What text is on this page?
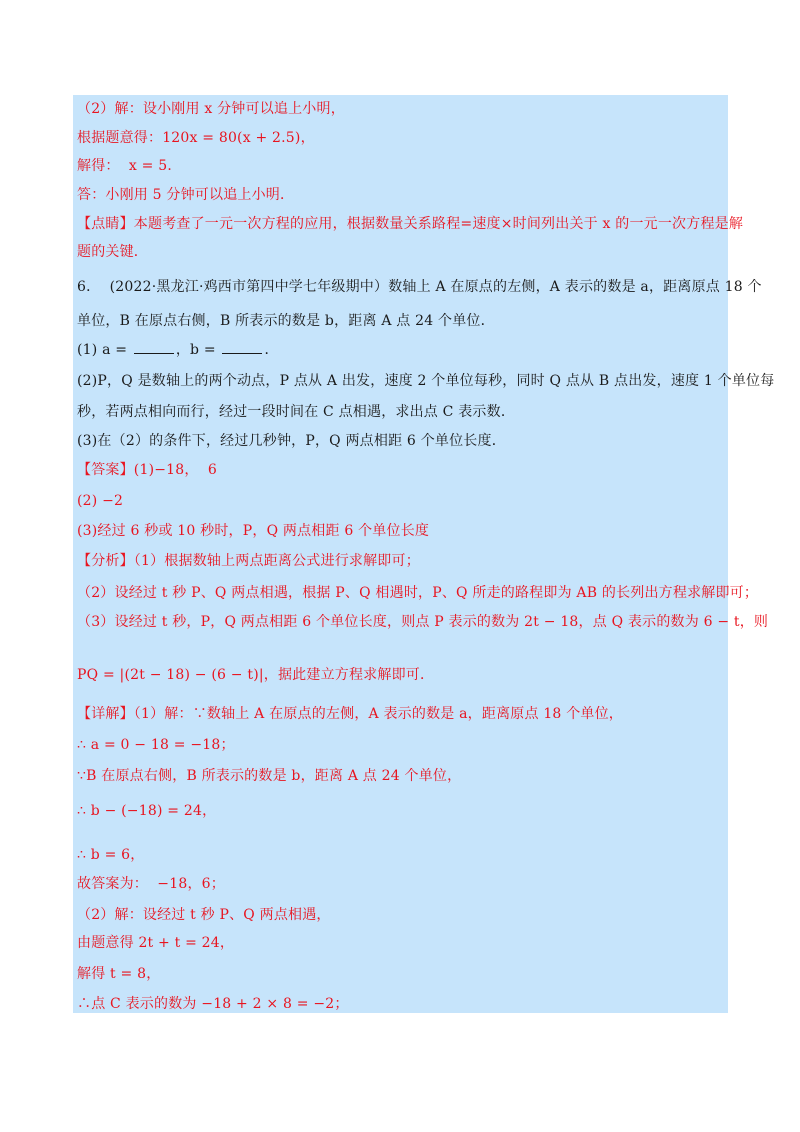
（2）解：设小刚用 x 分钟可以追上小明，
根据题意得：120x = 80(x + 2.5)，
解得：  x = 5．
答：小刚用 5 分钟可以追上小明．
【点睛】本题考查了一元一次方程的应用，根据数量关系路程=速度×时间列出关于 x 的一元一次方程是解
题的关键．
6．  (2022·黑龙江·鸡西市第四中学七年级期中）数轴上 A 在原点的左侧，A 表示的数是 a，距离原点 18 个
单位，B 在原点右侧，B 所表示的数是 b，距离 A 点 24 个单位．
(1) a =	，b =	．
(2)P，Q 是数轴上的两个动点，P 点从 A 出发，速度 2 个单位每秒，同时 Q 点从 B 点出发，速度 1 个单位每
秒，若两点相向而行，经过一段时间在 C 点相遇，求出点 C 表示数．
(3)在（2）的条件下，经过几秒钟，P，Q 两点相距 6 个单位长度．
【答案】(1)−18，  6
(2) −2
(3)经过 6 秒或 10 秒时，P，Q 两点相距 6 个单位长度
【分析】（1）根据数轴上两点距离公式进行求解即可；
（2）设经过 t 秒 P、Q 两点相遇，根据 P、Q 相遇时，P、Q 所走的路程即为 AB 的长列出方程求解即可；
（3）设经过 t 秒，P，Q 两点相距 6 个单位长度，则点 P 表示的数为 2t − 18，点 Q 表示的数为 6 − t，则
PQ = |(2t − 18) − (6 − t)|，据此建立方程求解即可．
【详解】（1）解：∵数轴上 A 在原点的左侧，A 表示的数是 a，距离原点 18 个单位，
∴ a = 0 − 18 = −18；
∵B 在原点右侧，B 所表示的数是 b，距离 A 点 24 个单位，
∴ b − (−18) = 24，
∴ b = 6，
故答案为：  −18，6；
（2）解：设经过 t 秒 P、Q 两点相遇，
由题意得 2t + t = 24，
解得 t = 8，
∴点 C 表示的数为 −18 + 2 × 8 = −2；
